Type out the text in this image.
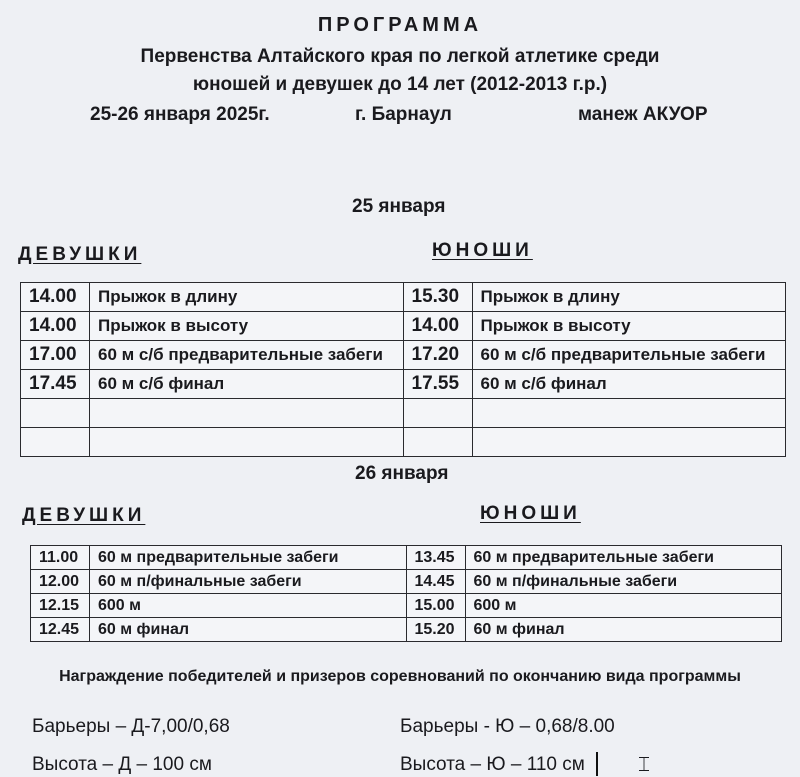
ПРОГРАММА
Первенства Алтайского края по легкой атлетике среди
юношей и девушек до 14 лет (2012-2013 г.р.)
25-26 января 2025г.	г. Барнаул	манеж АКУОР
25 января
ДЕВУШКИ	ЮНОШИ
14.00	Прыжок в длину	15.30	Прыжок в длину
14.00	Прыжок в высоту	14.00	Прыжок в высоту
17.00	60 м с/б предварительные забеги	17.20	60 м с/б предварительные забеги
17.45	60 м с/б финал	17.55	60 м с/б финал

26 января
ДЕВУШКИ	ЮНОШИ
11.00	60 м предварительные забеги	13.45	60 м предварительные забеги
12.00	60 м п/финальные забеги	14.45	60 м п/финальные забеги
12.15	600 м	15.00	600 м
12.45	60 м финал	15.20	60 м финал
Награждение победителей и призеров соревнований по окончанию вида программы
Барьеры – Д-7,00/0,68	Барьеры - Ю – 0,68/8.00
Высота – Д – 100 см	Высота – Ю – 110 см	⌶
